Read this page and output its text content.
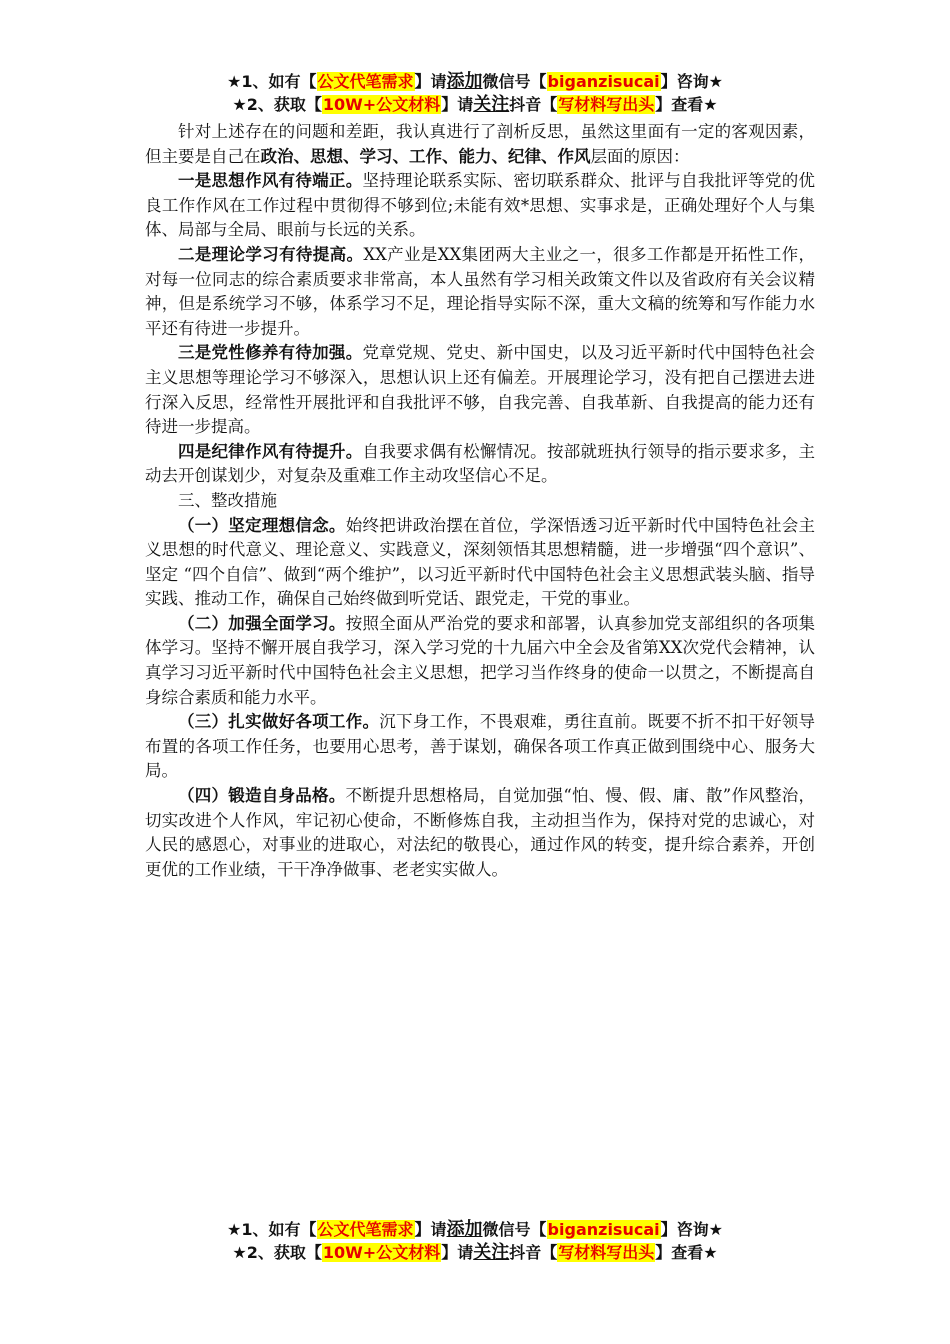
★1、如有【公文代笔需求】请添加微信号【biganzisucai】咨询★
★2、获取【10W+公文材料】请关注抖音【写材料写出头】查看★

针对上述存在的问题和差距，我认真进行了剖析反思，虽然这里面有一定的客观因素，但主要是自己在政治、思想、学习、工作、能力、纪律、作风层面的原因：

一是思想作风有待端正。坚持理论联系实际、密切联系群众、批评与自我批评等党的优良工作作风在工作过程中贯彻得不够到位;未能有效*思想、实事求是，正确处理好个人与集体、局部与全局、眼前与长远的关系。

二是理论学习有待提高。XX产业是XX集团两大主业之一，很多工作都是开拓性工作，对每一位同志的综合素质要求非常高，本人虽然有学习相关政策文件以及省政府有关会议精神，但是系统学习不够，体系学习不足，理论指导实际不深，重大文稿的统筹和写作能力水平还有待进一步提升。

三是党性修养有待加强。党章党规、党史、新中国史，以及习近平新时代中国特色社会主义思想等理论学习不够深入，思想认识上还有偏差。开展理论学习，没有把自己摆进去进行深入反思，经常性开展批评和自我批评不够，自我完善、自我革新、自我提高的能力还有待进一步提高。

四是纪律作风有待提升。自我要求偶有松懈情况。按部就班执行领导的指示要求多，主动去开创谋划少，对复杂及重难工作主动攻坚信心不足。

三、整改措施

（一）坚定理想信念。始终把讲政治摆在首位，学深悟透习近平新时代中国特色社会主义思想的时代意义、理论意义、实践意义，深刻领悟其思想精髓，进一步增强“四个意识”、坚定 “四个自信”、做到“两个维护”，以习近平新时代中国特色社会主义思想武装头脑、指导实践、推动工作，确保自己始终做到听党话、跟党走，干党的事业。

（二）加强全面学习。按照全面从严治党的要求和部署，认真参加党支部组织的各项集体学习。坚持不懈开展自我学习，深入学习党的十九届六中全会及省第XX次党代会精神，认真学习习近平新时代中国特色社会主义思想，把学习当作终身的使命一以贯之，不断提高自身综合素质和能力水平。

（三）扎实做好各项工作。沉下身工作，不畏艰难，勇往直前。既要不折不扣干好领导布置的各项工作任务，也要用心思考，善于谋划，确保各项工作真正做到围绕中心、服务大局。

（四）锻造自身品格。不断提升思想格局，自觉加强“怕、慢、假、庸、散”作风整治，切实改进个人作风，牢记初心使命，不断修炼自我，主动担当作为，保持对党的忠诚心，对人民的感恩心，对事业的进取心，对法纪的敬畏心，通过作风的转变，提升综合素养，开创更优的工作业绩，干干净净做事、老老实实做人。

★1、如有【公文代笔需求】请添加微信号【biganzisucai】咨询★
★2、获取【10W+公文材料】请关注抖音【写材料写出头】查看★
